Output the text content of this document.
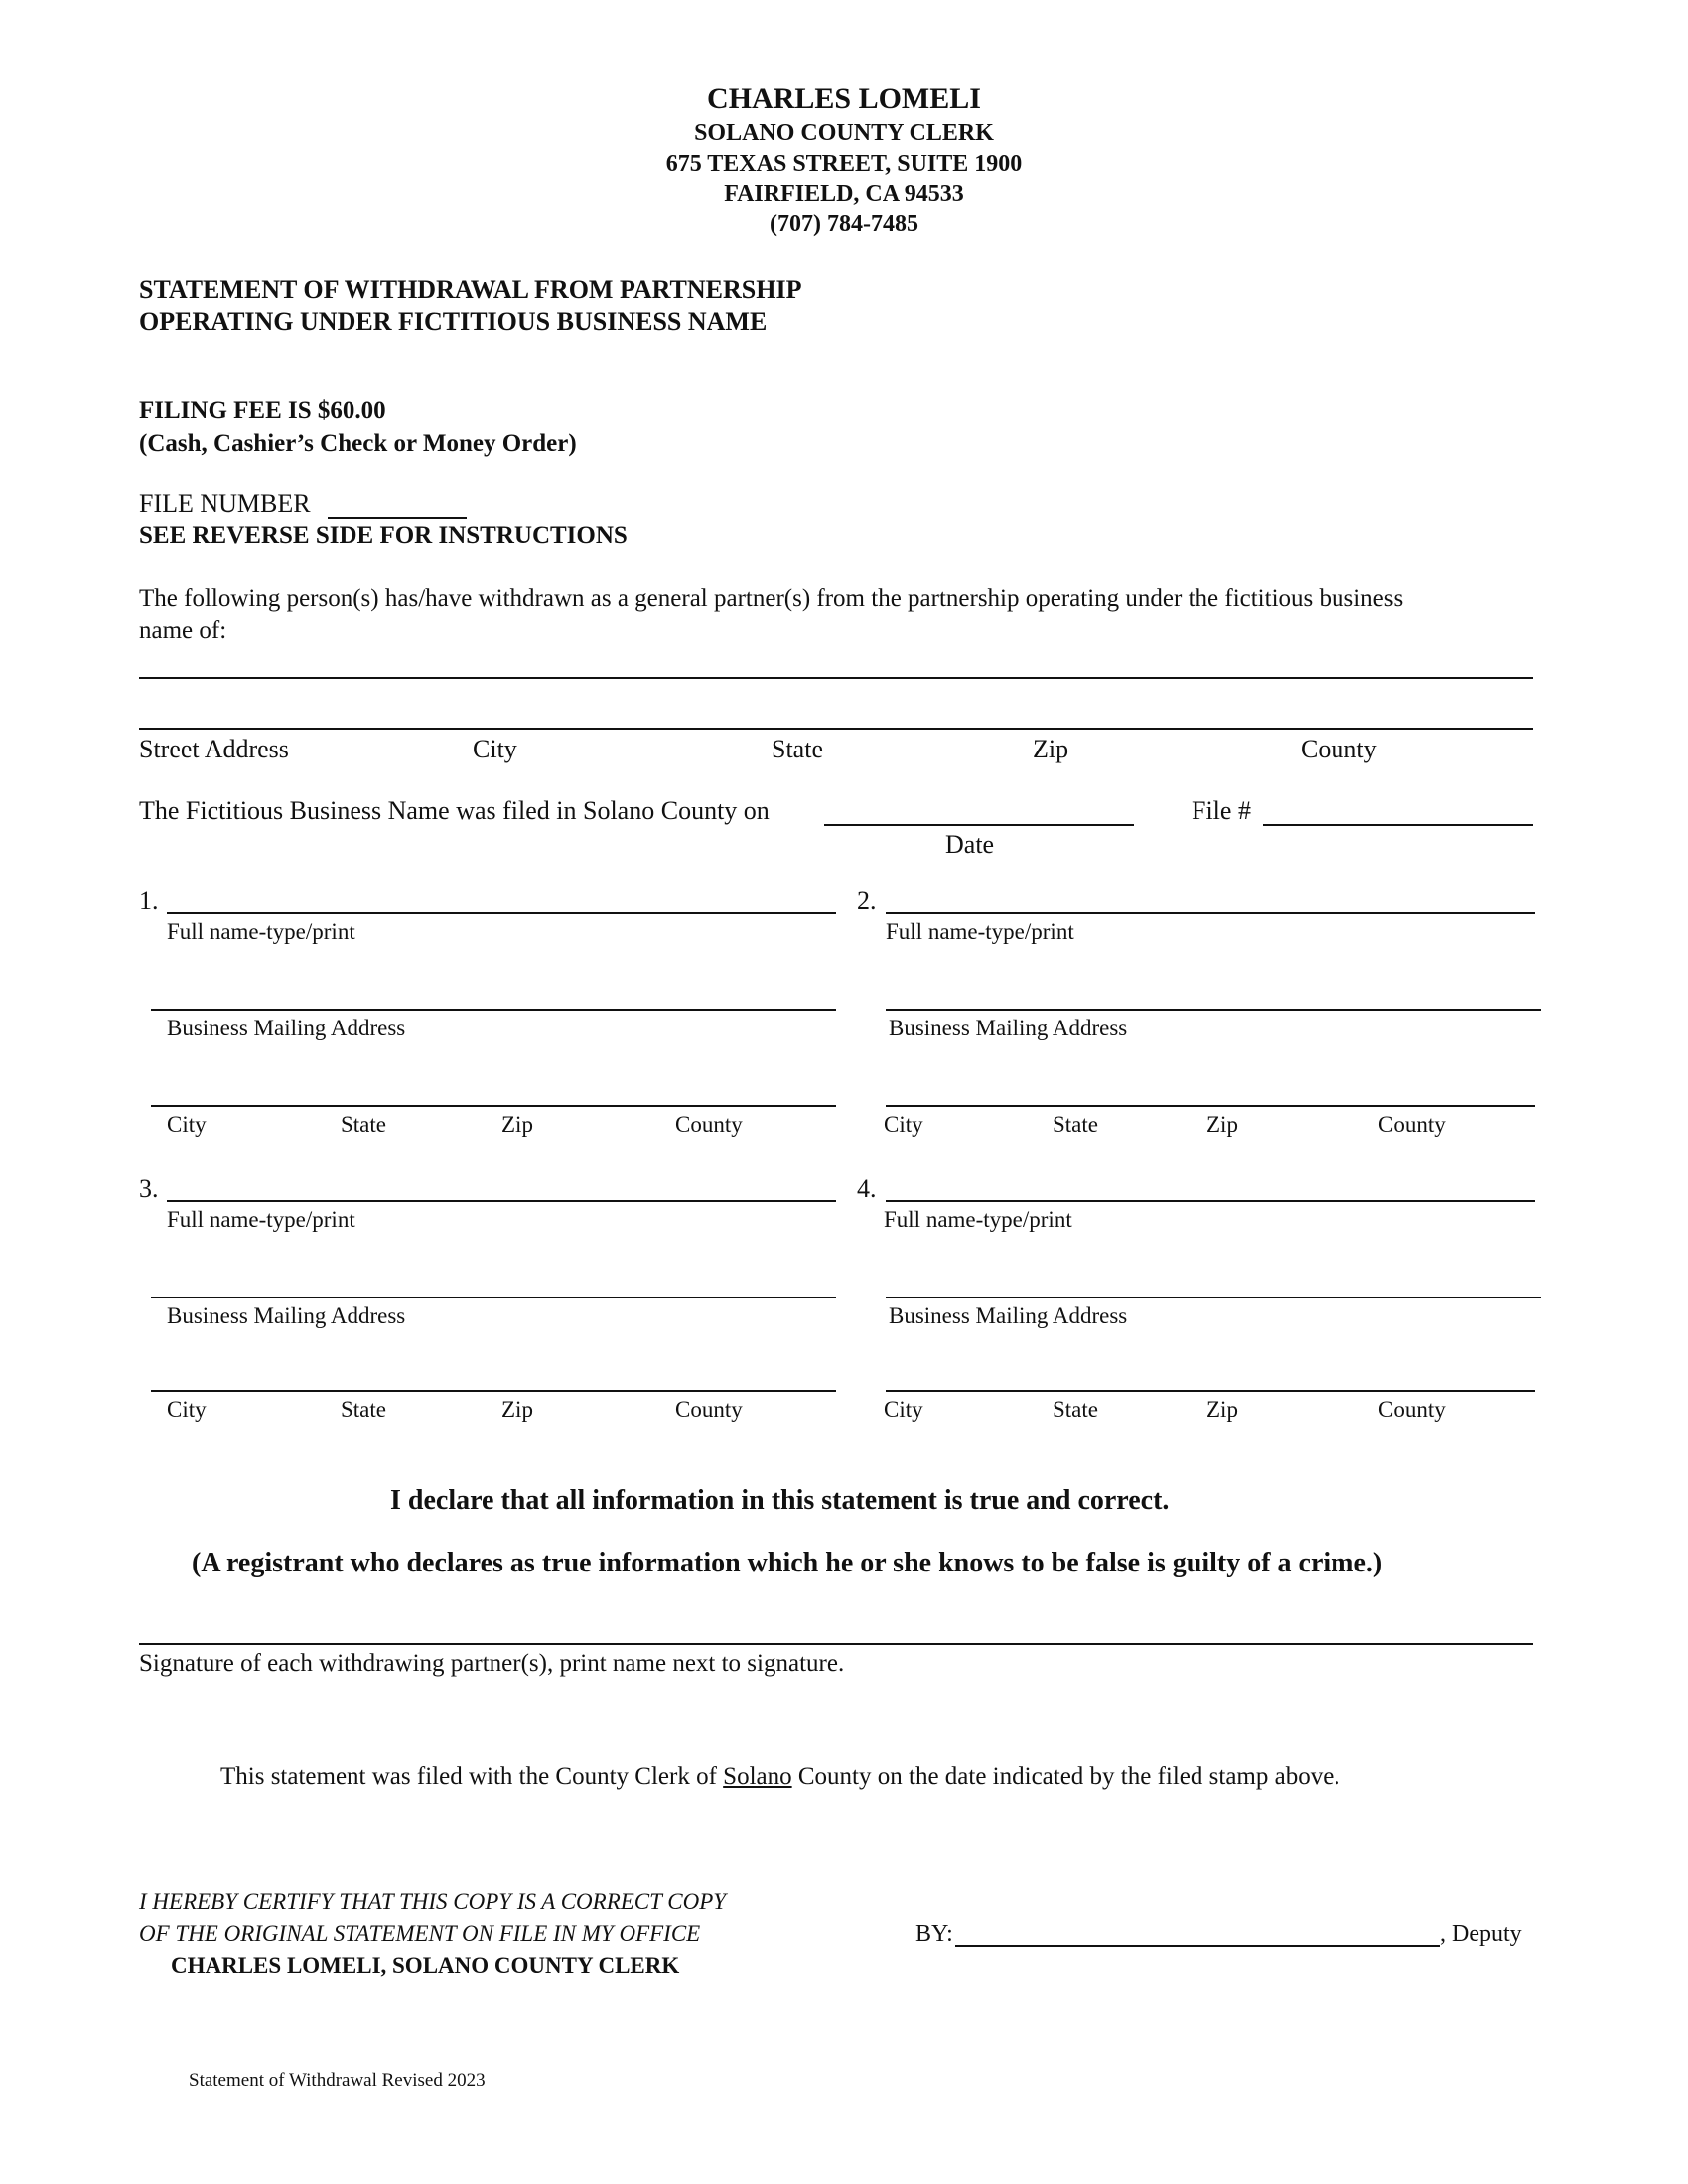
CHARLES LOMELI
SOLANO COUNTY CLERK
675 TEXAS STREET, SUITE 1900
FAIRFIELD, CA 94533
(707) 784-7485
STATEMENT OF WITHDRAWAL FROM PARTNERSHIP
OPERATING UNDER FICTITIOUS BUSINESS NAME
FILING FEE IS $60.00
(Cash, Cashier’s Check or Money Order)
FILE NUMBER
SEE REVERSE SIDE FOR INSTRUCTIONS
The following person(s) has/have withdrawn as a general partner(s) from the partnership operating under the fictitious business
name of:
Street Address	City	State	Zip	County
The Fictitious Business Name was filed in Solano County on
Date
File #
1.
Full name-type/print
Business Mailing Address
City	State	Zip	County
2.
Full name-type/print
Business Mailing Address
City	State	Zip	County
3.
Full name-type/print
Business Mailing Address
City	State	Zip	County
4.
Full name-type/print
Business Mailing Address
City	State	Zip	County
I declare that all information in this statement is true and correct.
(A registrant who declares as true information which he or she knows to be false is guilty of a crime.)
Signature of each withdrawing partner(s), print name next to signature.
This statement was filed with the County Clerk of Solano County on the date indicated by the filed stamp above.
I HEREBY CERTIFY THAT THIS COPY IS A CORRECT COPY
OF THE ORIGINAL STATEMENT ON FILE IN MY OFFICE
CHARLES LOMELI, SOLANO COUNTY CLERK
BY:	, Deputy
Statement of Withdrawal Revised 2023
